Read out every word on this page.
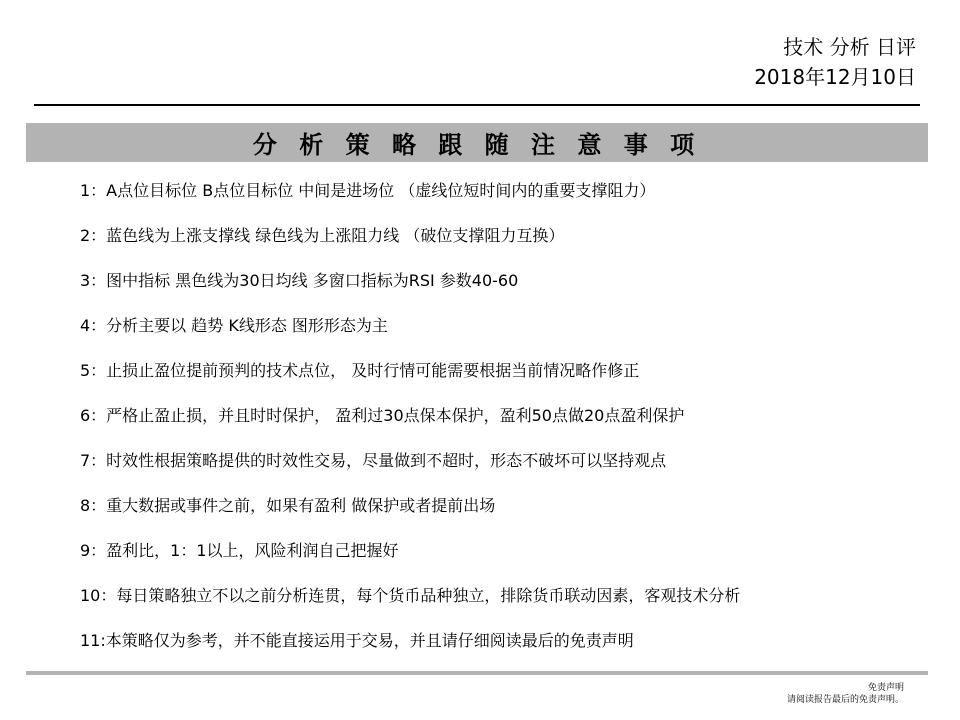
技术 分析 日评
2018年12月10日
分 析 策 略 跟 随 注 意 事 项
1：A点位目标位 B点位目标位 中间是进场位 （虚线位短时间内的重要支撑阻力）
2：蓝色线为上涨支撑线 绿色线为上涨阻力线 （破位支撑阻力互换）
3：图中指标 黑色线为30日均线 多窗口指标为RSI 参数40-60
4：分析主要以 趋势 K线形态 图形形态为主
5：止损止盈位提前预判的技术点位， 及时行情可能需要根据当前情况略作修正
6：严格止盈止损，并且时时保护， 盈利过30点保本保护，盈利50点做20点盈利保护
7：时效性根据策略提供的时效性交易，尽量做到不超时，形态不破坏可以坚持观点
8：重大数据或事件之前，如果有盈利 做保护或者提前出场
9：盈利比，1：1以上，风险利润自己把握好
10：每日策略独立不以之前分析连贯，每个货币品种独立，排除货币联动因素，客观技术分析
11:本策略仅为参考，并不能直接运用于交易，并且请仔细阅读最后的免责声明
免责声明
请阅读报告最后的免责声明。
